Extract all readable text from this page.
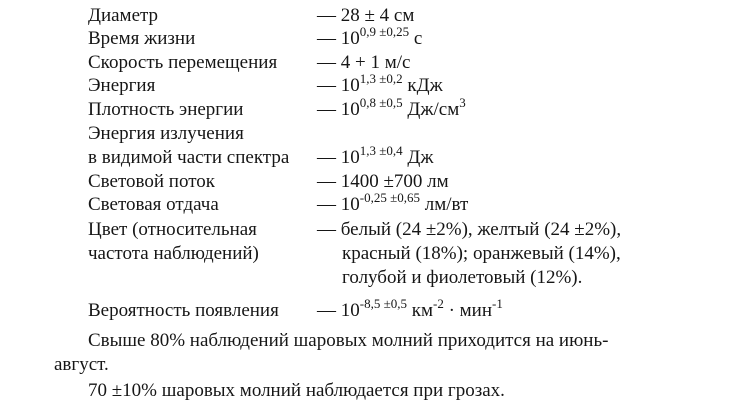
Диаметр	— 28 ± 4 см
Время жизни	— $10^{0,9 \pm 0,25}$ с
Скорость перемещения	— 4 + 1 м/с
Энергия	— $10^{1,3 \pm 0,2}$ кДж
Плотность энергии	— $10^{0,8 \pm 0,5}$ $Дж/см^3$
Энергия излучения
в видимой части спектра	— $10^{1,3 \pm 0,4}$ Дж
Световой поток	— 1400 ±700 лм
Световая отдача	— $10^{-0,25 \pm 0,65}$ лм/вт
Цвет (относительная	— белый (24 ±2%), желтый (24 ±2%),
частота наблюдений)	красный (18%); оранжевый (14%),
голубой и фиолетовый (12%).
Вероятность появления	— $10^{-8,5 \pm 0,5}$ $км^{-2} \cdot мин^{-1}$
Свыше 80% наблюдений шаровых молний приходится на июнь-
август.
70 ±10% шаровых молний наблюдается при грозах.
